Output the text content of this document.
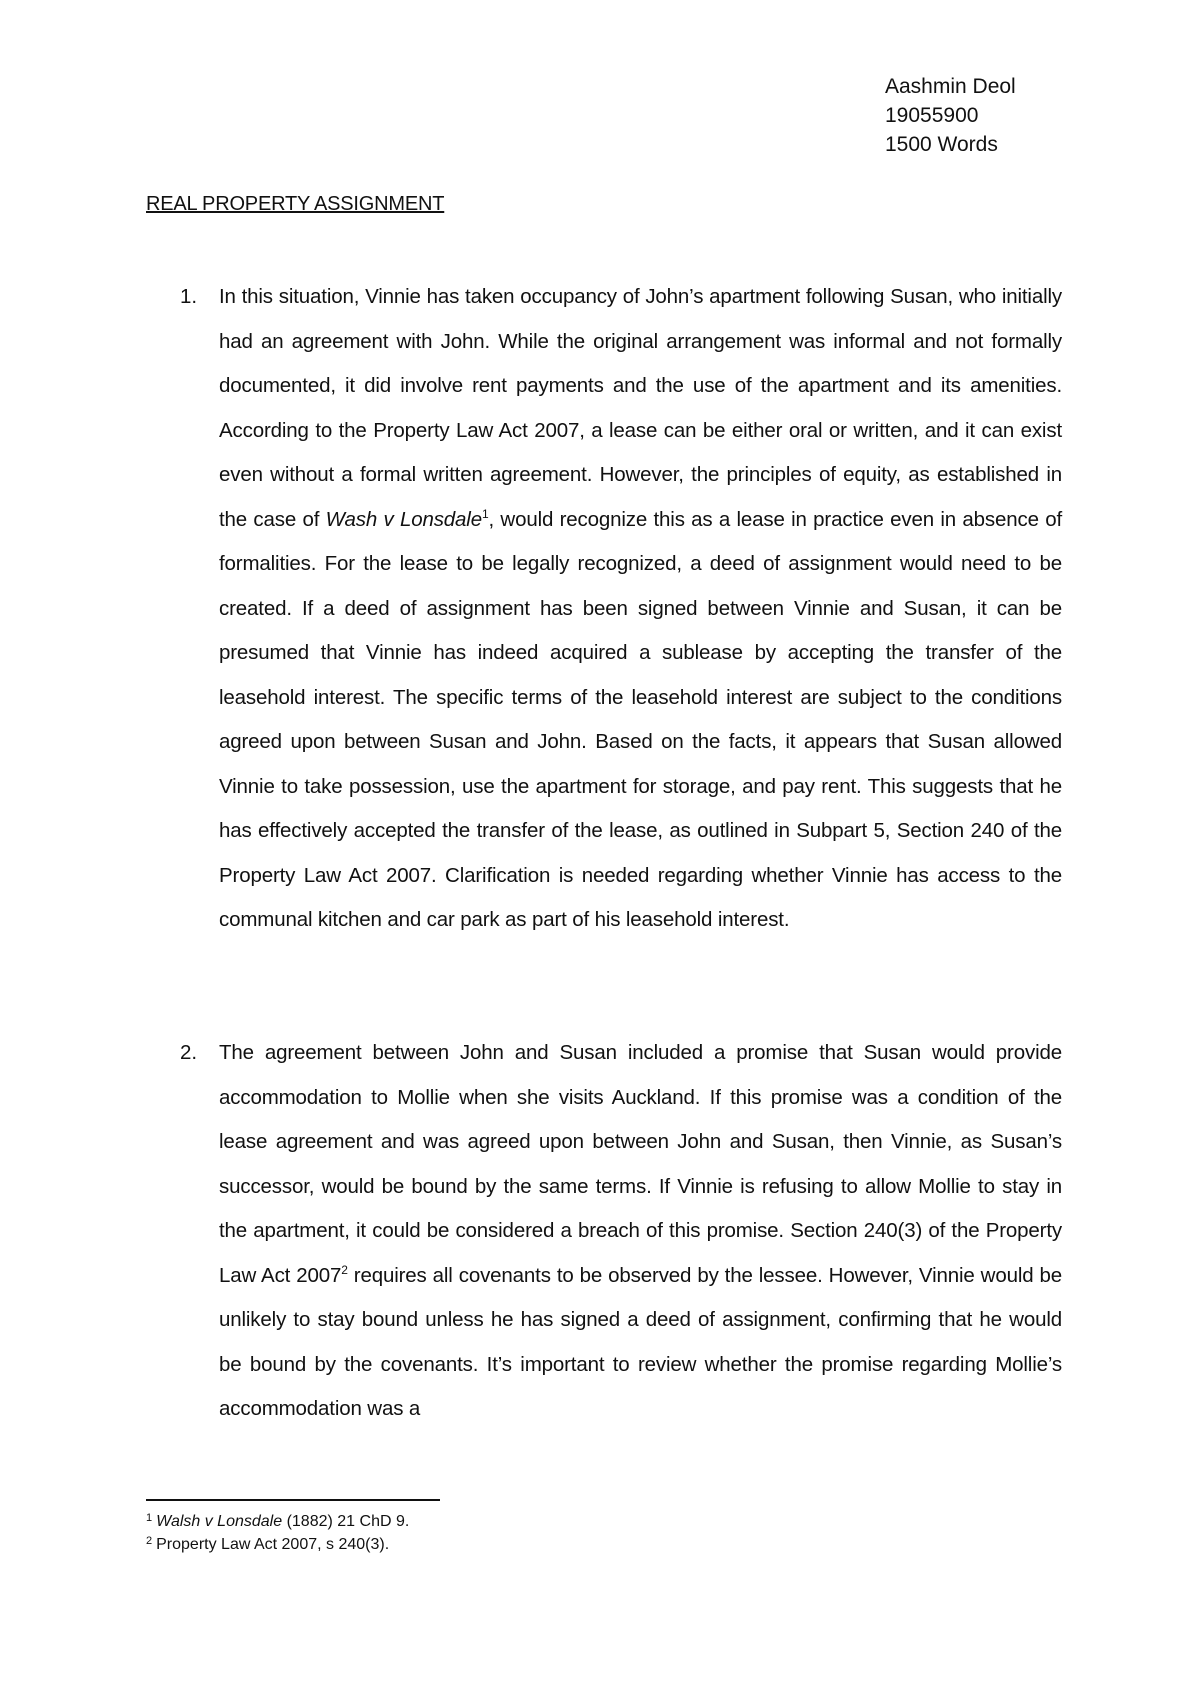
Aashmin Deol
19055900
1500 Words
REAL PROPERTY ASSIGNMENT
1. In this situation, Vinnie has taken occupancy of John’s apartment following Susan, who initially had an agreement with John. While the original arrangement was informal and not formally documented, it did involve rent payments and the use of the apartment and its amenities. According to the Property Law Act 2007, a lease can be either oral or written, and it can exist even without a formal written agreement. However, the principles of equity, as established in the case of Wash v Lonsdale$^1$, would recognize this as a lease in practice even in absence of formalities. For the lease to be legally recognized, a deed of assignment would need to be created. If a deed of assignment has been signed between Vinnie and Susan, it can be presumed that Vinnie has indeed acquired a sublease by accepting the transfer of the leasehold interest. The specific terms of the leasehold interest are subject to the conditions agreed upon between Susan and John. Based on the facts, it appears that Susan allowed Vinnie to take possession, use the apartment for storage, and pay rent. This suggests that he has effectively accepted the transfer of the lease, as outlined in Subpart 5, Section 240 of the Property Law Act 2007. Clarification is needed regarding whether Vinnie has access to the communal kitchen and car park as part of his leasehold interest.
2. The agreement between John and Susan included a promise that Susan would provide accommodation to Mollie when she visits Auckland. If this promise was a condition of the lease agreement and was agreed upon between John and Susan, then Vinnie, as Susan’s successor, would be bound by the same terms. If Vinnie is refusing to allow Mollie to stay in the apartment, it could be considered a breach of this promise. Section 240(3) of the Property Law Act 2007$^2$ requires all covenants to be observed by the lessee. However, Vinnie would be unlikely to stay bound unless he has signed a deed of assignment, confirming that he would be bound by the covenants. It’s important to review whether the promise regarding Mollie’s accommodation was a
$^1$ Walsh v Lonsdale (1882) 21 ChD 9.
$^2$ Property Law Act 2007, s 240(3).
